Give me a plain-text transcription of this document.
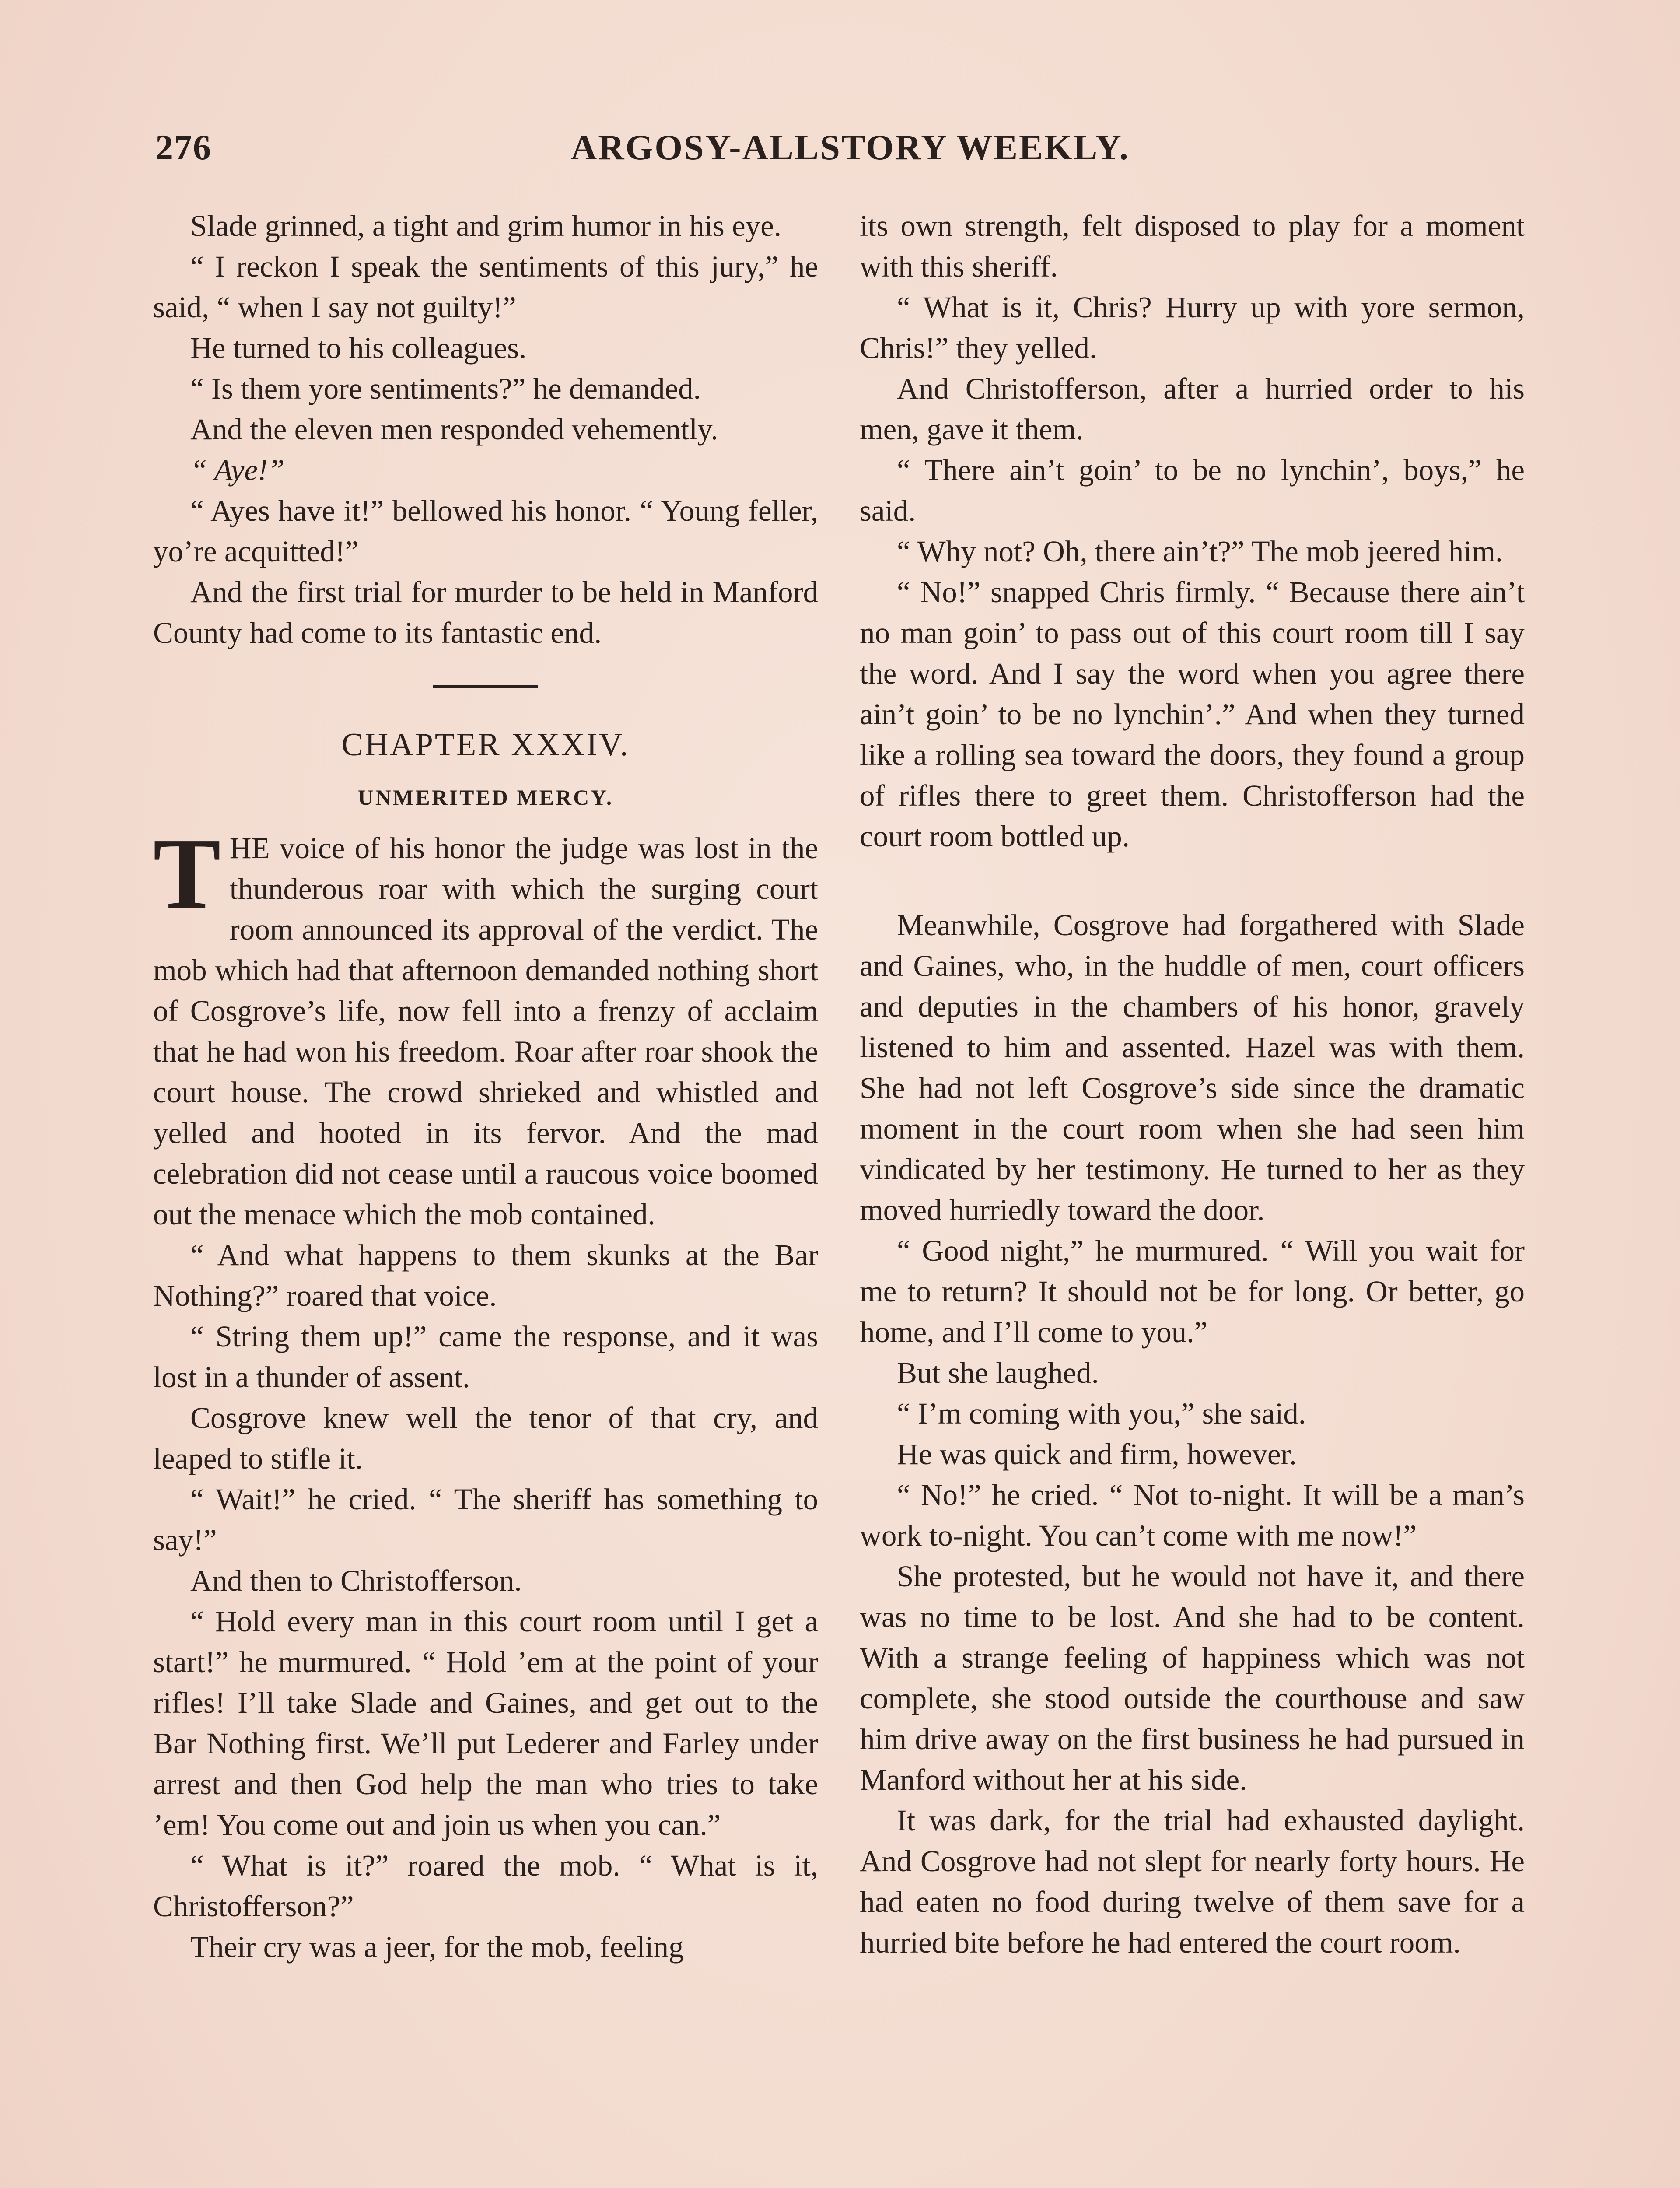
276	ARGOSY-ALLSTORY WEEKLY.

Slade grinned, a tight and grim humor in his eye.

“ I reckon I speak the sentiments of this jury,” he said, “ when I say not guilty!”

He turned to his colleagues.

“ Is them yore sentiments?” he demanded.

And the eleven men responded vehemently.

“ Aye!”

“ Ayes have it!” bellowed his honor. “ Young feller, yo’re acquitted!”

And the first trial for murder to be held in Manford County had come to its fantastic end.

CHAPTER XXXIV.
UNMERITED MERCY.

THE voice of his honor the judge was lost in the thunderous roar with which the surging court room announced its approval of the verdict. The mob which had that afternoon demanded nothing short of Cosgrove’s life, now fell into a frenzy of acclaim that he had won his freedom. Roar after roar shook the court house. The crowd shrieked and whistled and yelled and hooted in its fervor. And the mad celebration did not cease until a raucous voice boomed out the menace which the mob contained.

“ And what happens to them skunks at the Bar Nothing?” roared that voice.

“ String them up!” came the response, and it was lost in a thunder of assent.

Cosgrove knew well the tenor of that cry, and leaped to stifle it.

“ Wait!” he cried. “ The sheriff has something to say!”

And then to Christofferson.

“ Hold every man in this court room until I get a start!” he murmured. “ Hold ’em at the point of your rifles! I’ll take Slade and Gaines, and get out to the Bar Nothing first. We’ll put Lederer and Farley under arrest and then God help the man who tries to take ’em! You come out and join us when you can.”

“ What is it?” roared the mob. “ What is it, Christofferson?”

Their cry was a jeer, for the mob, feeling

its own strength, felt disposed to play for a moment with this sheriff.

“ What is it, Chris? Hurry up with yore sermon, Chris!” they yelled.

And Christofferson, after a hurried order to his men, gave it them.

“ There ain’t goin’ to be no lynchin’, boys,” he said.

“ Why not? Oh, there ain’t?” The mob jeered him.

“ No!” snapped Chris firmly. “ Because there ain’t no man goin’ to pass out of this court room till I say the word. And I say the word when you agree there ain’t goin’ to be no lynchin’.” And when they turned like a rolling sea toward the doors, they found a group of rifles there to greet them. Christofferson had the court room bottled up.

Meanwhile, Cosgrove had forgathered with Slade and Gaines, who, in the huddle of men, court officers and deputies in the chambers of his honor, gravely listened to him and assented. Hazel was with them. She had not left Cosgrove’s side since the dramatic moment in the court room when she had seen him vindicated by her testimony. He turned to her as they moved hurriedly toward the door.

“ Good night,” he murmured. “ Will you wait for me to return? It should not be for long. Or better, go home, and I’ll come to you.”

But she laughed.

“ I’m coming with you,” she said.

He was quick and firm, however.

“ No!” he cried. “ Not to-night. It will be a man’s work to-night. You can’t come with me now!”

She protested, but he would not have it, and there was no time to be lost. And she had to be content. With a strange feeling of happiness which was not complete, she stood outside the courthouse and saw him drive away on the first business he had pursued in Manford without her at his side.

It was dark, for the trial had exhausted daylight. And Cosgrove had not slept for nearly forty hours. He had eaten no food during twelve of them save for a hurried bite before he had entered the court room.
